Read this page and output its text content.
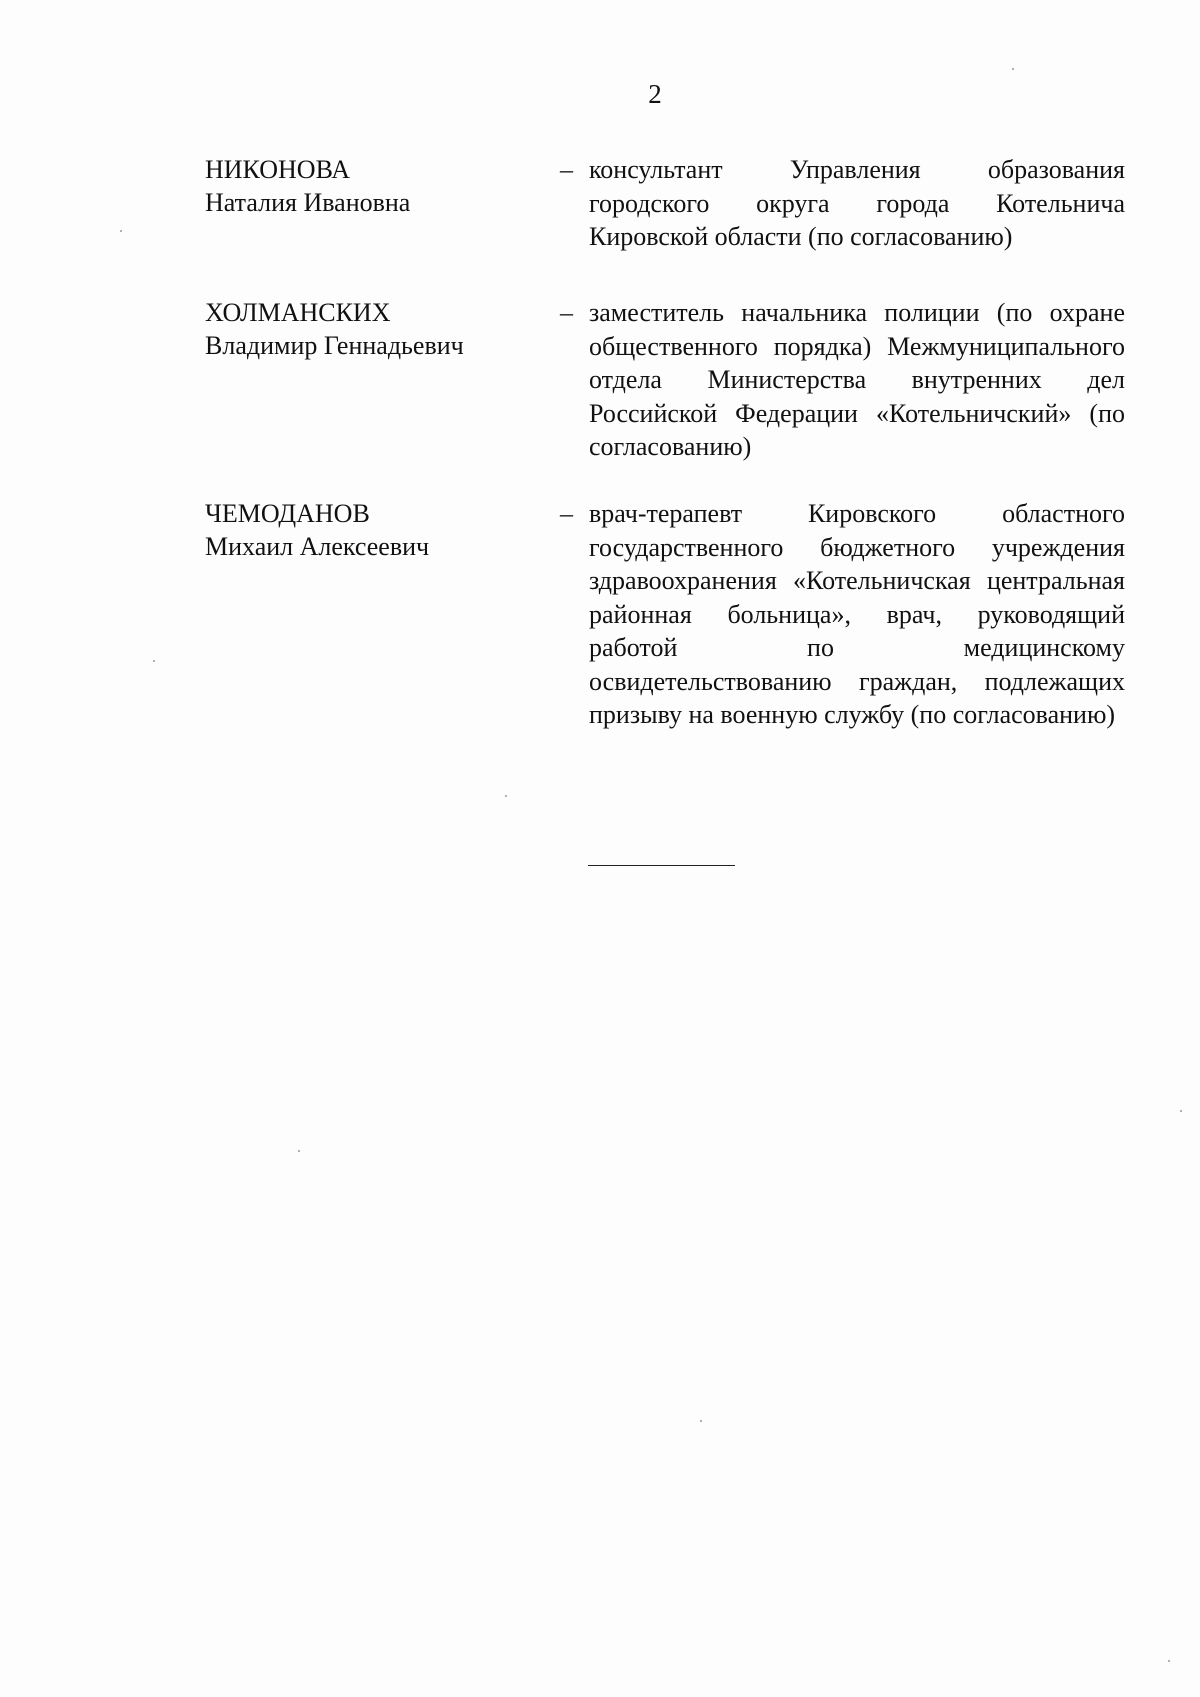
2
НИКОНОВА
Наталия Ивановна
– консультант Управления образования городского округа города Котельнича Кировской области (по согласованию)
ХОЛМАНСКИХ
Владимир Геннадьевич
– заместитель начальника полиции (по охране общественного порядка) Межмуниципального отдела Министерства внутренних дел Российской Федерации «Котельничский» (по согласованию)
ЧЕМОДАНОВ
Михаил Алексеевич
– врач-терапевт Кировского областного государственного бюджетного учреждения здравоохранения «Котельничская центральная районная больница», врач, руководящий работой по медицинскому освидетельствованию граждан, подлежащих призыву на военную службу (по согласованию)
